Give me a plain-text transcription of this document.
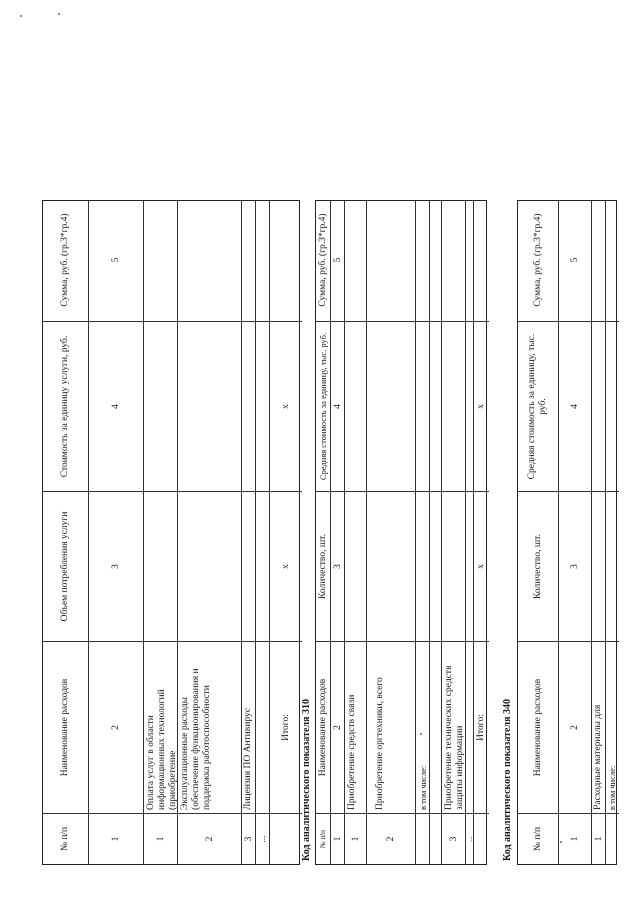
№ п/п
Наименование расходов
Объем потребления услуги
Стоимость за единицу услуги, руб.
Сумма, руб. (гр.3*гр.4)
1
2
3
4
5
1
Оплата услуг в области информационных технологий (приобретение
2
Эксплуатационные расходы (обеспечение функционирования и поддержка работоспособности
3
Лицензия ПО Антивирус
...
Итого:
х
х
Код аналитического показателя 310 № п/п
Наименование расходов
Количество, шт.
Средняя стоимость за единицу, тыс. руб.
Сумма, руб. (гр.3*гр.4)
1
2
3
4
5
1
Приобретение средств связи
2
Приобретение оргтехники, всего	в том числе:
3
Приобретение технических средств защиты информации
...
Итого:
х
х
Код аналитического показателя 340	№ п/п
Наименование расходов
Количество, шт.
Средняя стоимость за единицу, тыс. руб.
Сумма, руб. (гр.3*гр.4)
1
2
3
4
5
1
Расходные материалы для в том числе:
